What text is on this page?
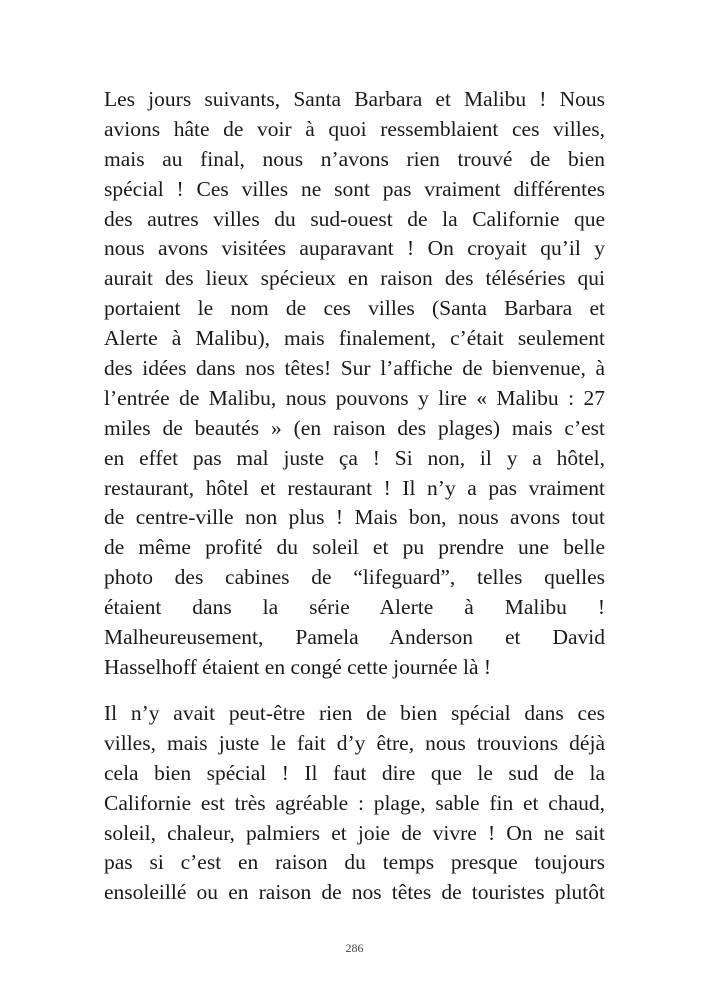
Les jours suivants, Santa Barbara et Malibu ! Nous
avions hâte de voir à quoi ressemblaient ces villes,
mais au final, nous n’avons rien trouvé de bien
spécial ! Ces villes ne sont pas vraiment différentes
des autres villes du sud-ouest de la Californie que
nous avons visitées auparavant ! On croyait qu’il y
aurait des lieux spécieux en raison des téléséries qui
portaient le nom de ces villes (Santa Barbara et
Alerte à Malibu), mais finalement, c’était seulement
des idées dans nos têtes! Sur l’affiche de bienvenue, à
l’entrée de Malibu, nous pouvons y lire « Malibu : 27
miles de beautés » (en raison des plages) mais c’est
en effet pas mal juste ça ! Si non, il y a hôtel,
restaurant, hôtel et restaurant ! Il n’y a pas vraiment
de centre-ville non plus ! Mais bon, nous avons tout
de même profité du soleil et pu prendre une belle
photo des cabines de “lifeguard”, telles quelles
étaient dans la série Alerte à Malibu !
Malheureusement, Pamela Anderson et David
Hasselhoff étaient en congé cette journée là !
Il n’y avait peut-être rien de bien spécial dans ces
villes, mais juste le fait d’y être, nous trouvions déjà
cela bien spécial ! Il faut dire que le sud de la
Californie est très agréable : plage, sable fin et chaud,
soleil, chaleur, palmiers et joie de vivre ! On ne sait
pas si c’est en raison du temps presque toujours
ensoleillé ou en raison de nos têtes de touristes plutôt
286
